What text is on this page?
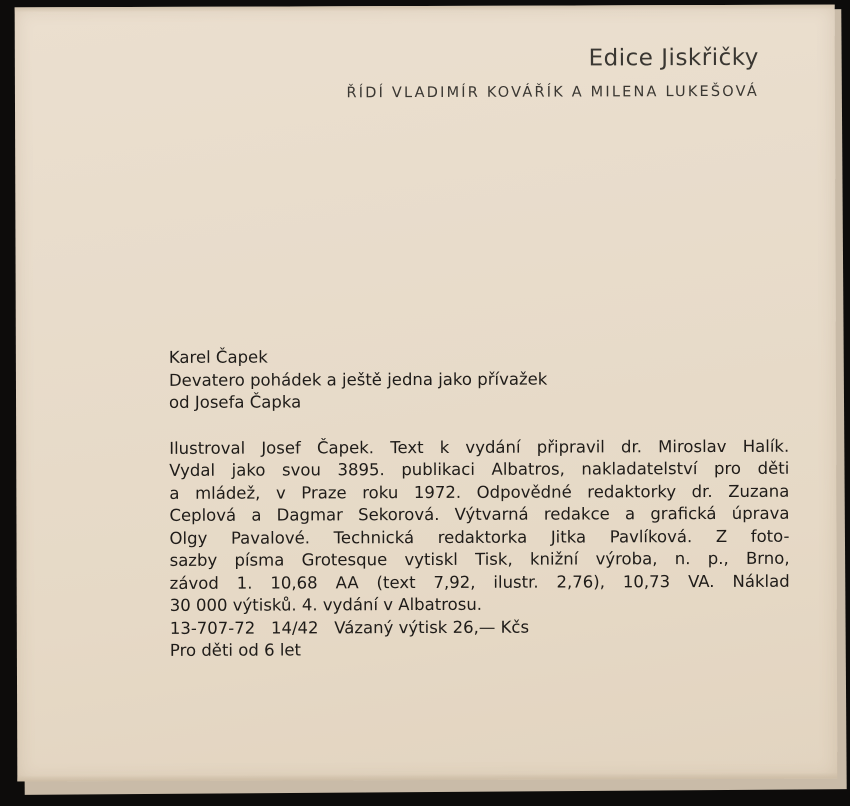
Edice Jiskřičky
ŘÍDÍ VLADIMÍR KOVÁŘÍK A MILENA LUKEŠOVÁ
Karel Čapek
Devatero pohádek a ještě jedna jako přívažek
od Josefa Čapka
Ilustroval Josef Čapek. Text k vydání připravil dr. Miroslav Halík.
Vydal jako svou 3895. publikaci Albatros, nakladatelství pro děti
a mládež, v Praze roku 1972. Odpovědné redaktorky dr. Zuzana
Ceplová a Dagmar Sekorová. Výtvarná redakce a grafická úprava
Olgy Pavalové. Technická redaktorka Jitka Pavlíková. Z foto-
sazby písma Grotesque vytiskl Tisk, knižní výroba, n. p., Brno,
závod 1. 10,68 AA (text 7,92, ilustr. 2,76), 10,73 VA. Náklad
30 000 výtisků. 4. vydání v Albatrosu.
13-707-72   14/42   Vázaný výtisk 26,— Kčs
Pro děti od 6 let
